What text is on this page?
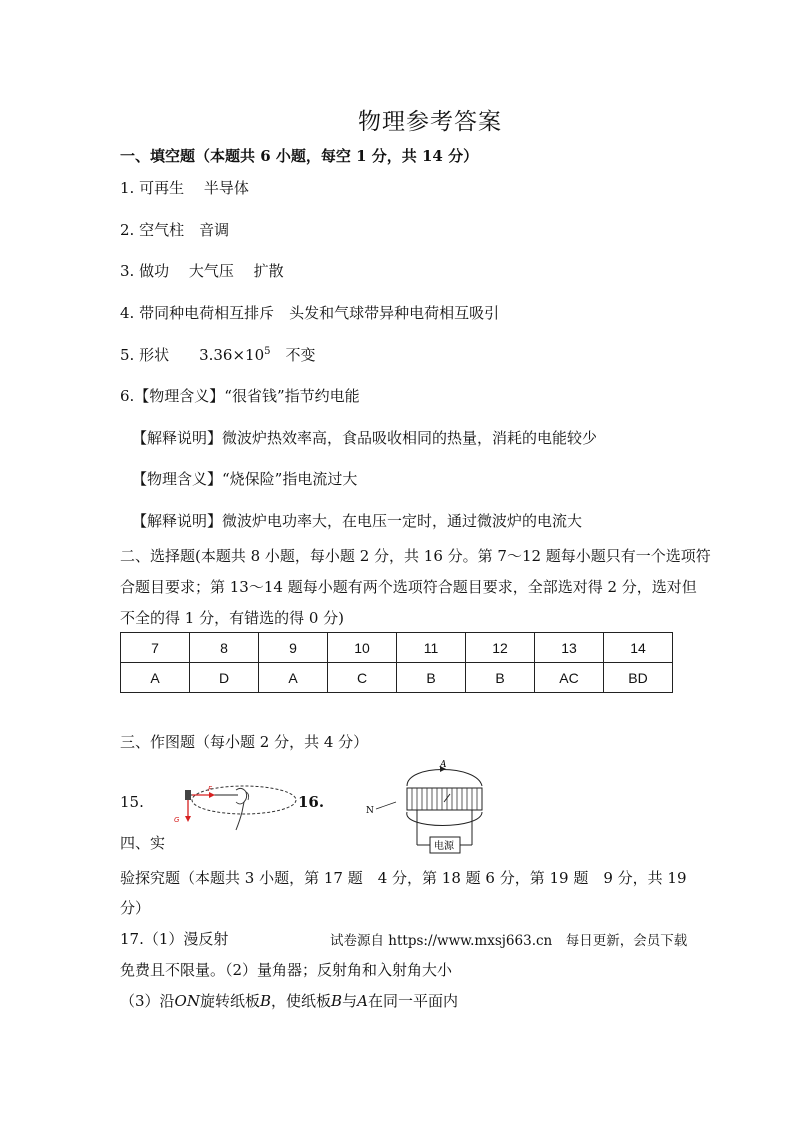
物理参考答案
一、填空题（本题共 6 小题，每空 1 分，共 14 分）
1. 可再生　 半导体
2. 空气柱　音调
3. 做功　 大气压　 扩散
4. 带同种电荷相互排斥　头发和气球带异种电荷相互吸引
5. 形状　　$3.36\times 10^5$　不变
6.【物理含义】“很省钱”指节约电能
【解释说明】微波炉热效率高，食品吸收相同的热量，消耗的电能较少
【物理含义】“烧保险”指电流过大
【解释说明】微波炉电功率大，在电压一定时，通过微波炉的电流大
二、选择题(本题共 8 小题，每小题 2 分，共 16 分。第 7～12 题每小题只有一个选项符
合题目要求；第 13～14 题每小题有两个选项符合题目要求，全部选对得 2 分，选对但
不全的得 1 分，有错选的得 0 分)
7	8	9	10	11	12	13	14
A	D	A	C	B	B	AC	BD
三、作图题（每小题 2 分，共 4 分）
15.
F
G
16.
A
N
电源
四、实
验探究题（本题共 3 小题，第 17 题　4 分，第 18 题 6 分，第 19 题　9 分，共 19
分）
17.（1）漫反射	试卷源自 https://www.mxsj663.cn　每日更新，会员下载
免费且不限量。（2）量角器；反射角和入射角大小
（3）沿ON旋转纸板B，使纸板B与A在同一平面内
